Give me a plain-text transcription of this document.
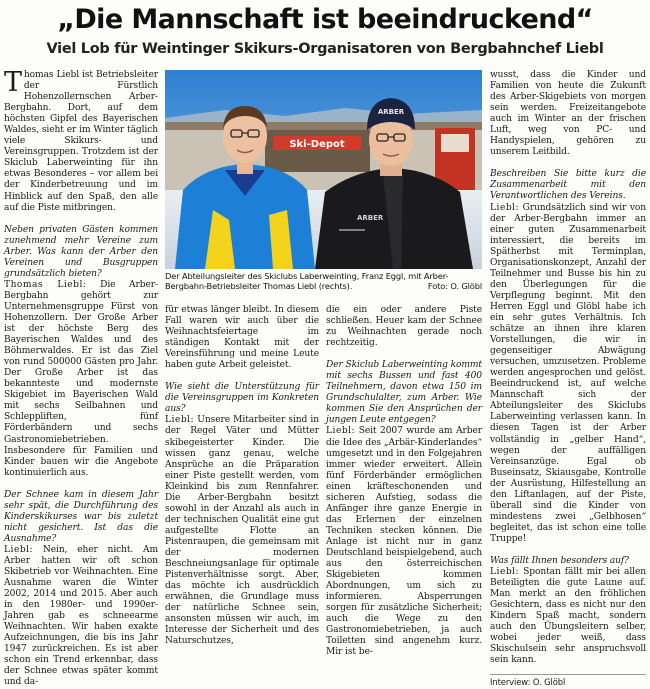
„Die Mannschaft ist beeindruckend“
Viel Lob für Weintinger Skikurs-Organisatoren von Bergbahnchef Liebl

Thomas Liebl ist Betriebsleiter der Fürstlich Hohenzollernschen Arber-Bergbahn. Dort, auf dem höchsten Gipfel des Bayerischen Waldes, sieht er im Winter täglich viele Skikurs- und Vereinsgruppen. Trotzdem ist der Skiclub Laberweinting für ihn etwas Besonderes – vor allem bei der Kinderbetreuung und im Hinblick auf den Spaß, den alle auf die Piste mitbringen.

Neben privaten Gästen kommen zunehmend mehr Vereine zum Arber. Was kann der Arber den Vereinen und Busgruppen grundsätzlich bieten?

Thomas Liebl: Die Arber-Bergbahn gehört zur Unternehmensgruppe Fürst von Hohenzollern. Der Große Arber ist der höchste Berg des Bayerischen Waldes und des Böhmerwaldes. Er ist das Ziel von rund 500000 Gästen pro Jahr. Der Große Arber ist das bekannteste und modernste Skigebiet im Bayerischen Wald mit sechs Seilbahnen und Schleppliften, fünf Förderbändern und sechs Gastronomiebetrieben. Insbesondere für Familien und Kinder bauen wir die Angebote kontinuierlich aus.

Der Schnee kam in diesem Jahr sehr spät, die Durchführung des Kinderskikurses war bis zuletzt nicht gesichert. Ist das die Ausnahme?

Liebl: Nein, eher nicht. Am Arber hatten wir oft schon Skibetrieb vor Weihnachten. Eine Ausnahme waren die Winter 2002, 2014 und 2015. Aber auch in den 1980er- und 1990er-Jahren gab es schneearme Weihnachten. Wir haben exakte Aufzeichnungen, die bis ins Jahr 1947 zurückreichen. Es ist aber schon ein Trend erkennbar, dass der Schnee etwas später kommt und da-

Ski-Depot
ARBER
ARBER
Der Abteilungsleiter des Skiclubs Laberweinting, Franz Eggl, mit Arber-Bergbahn-Betriebsleiter Thomas Liebl (rechts).	Foto: O. Glöbl

für etwas länger bleibt. In diesem Fall waren wir auch über die Weihnachtsfeiertage im ständigen Kontakt mit der Vereinsführung und meine Leute haben gute Arbeit geleistet.

Wie sieht die Unterstützung für die Vereinsgruppen im Konkreten aus?

Liebl: Unsere Mitarbeiter sind in der Regel Väter und Mütter skibegeisterter Kinder. Die wissen ganz genau, welche Ansprüche an die Präparation einer Piste gestellt werden, vom Kleinkind bis zum Rennfahrer. Die Arber-Bergbahn besitzt sowohl in der Anzahl als auch in der technischen Qualität eine gut aufgestellte Flotte an Pistenraupen, die gemeinsam mit der modernen Beschneiungsanlage für optimale Pistenverhältnisse sorgt. Aber, das möchte ich ausdrücklich erwähnen, die Grundlage muss der natürliche Schnee sein, ansonsten müssen wir auch, im Interesse der Sicherheit und des Naturschutzes,

die ein oder andere Piste schließen. Heuer kam der Schnee zu Weihnachten gerade noch rechtzeitig.

Der Skiclub Laberweinting kommt mit sechs Bussen und fast 400 Teilnehmern, davon etwa 150 im Grundschulalter, zum Arber. Wie kommen Sie den Ansprüchen der jungen Leute entgegen?

Liebl: Seit 2007 wurde am Arber die Idee des „Arbär-Kinderlandes“ umgesetzt und in den Folgejahren immer wieder erweitert. Allein fünf Förderbänder ermöglichen einen kräfteschonenden und sicheren Aufstieg, sodass die Anfänger ihre ganze Energie in das Erlernen der einzelnen Techniken stecken können. Die Anlage ist nicht nur in ganz Deutschland beispielgebend, auch aus den österreichischen Skigebieten kommen Abordnungen, um sich zu informieren. Absperrungen sorgen für zusätzliche Sicherheit; auch die Wege zu den Gastronomiebetrieben, ja auch Toiletten sind angenehm kurz. Mir ist be-

wusst, dass die Kinder und Familien von heute die Zukunft des Arber-Skigebiets von morgen sein werden. Freizeitangebote auch im Winter an der frischen Luft, weg von PC- und Handyspielen, gehören zu unserem Leitbild.

Beschreiben Sie bitte kurz die Zusammenarbeit mit den Verantwortlichen des Vereins.

Liebl: Grundsätzlich sind wir von der Arber-Bergbahn immer an einer guten Zusammenarbeit interessiert, die bereits im Spätherbst mit Terminplan, Organisationskonzept, Anzahl der Teilnehmer und Busse bis hin zu den Überlegungen für die Verpflegung beginnt. Mit den Herren Eggl und Glöbl habe ich ein sehr gutes Verhältnis. Ich schätze an ihnen ihre klaren Vorstellungen, die wir in gegenseitiger Abwägung versuchen, umzusetzen. Probleme werden angesprochen und gelöst. Beeindruckend ist, auf welche Mannschaft sich der Abteilungsleiter des Skiclubs Laberweinting verlassen kann. In diesen Tagen ist der Arber vollständig in „gelber Hand“, wegen der auffälligen Vereinsanzüge. Egal ob Buseinsatz, Skiausgabe, Kontrolle der Ausrüstung, Hilfestellung an den Liftanlagen, auf der Piste, überall sind die Kinder von mindestens zwei „Gelbhosen“ begleitet, das ist schon eine tolle Truppe!

Was fällt Ihnen besonders auf?

Liebl: Spontan fällt mir bei allen Beteiligten die gute Laune auf. Man merkt an den fröhlichen Gesichtern, dass es nicht nur den Kindern Spaß macht, sondern auch den Übungsleitern selber, wobei jeder weiß, dass Skischulsein sehr anspruchsvoll sein kann.

Interview: O. Glöbl
